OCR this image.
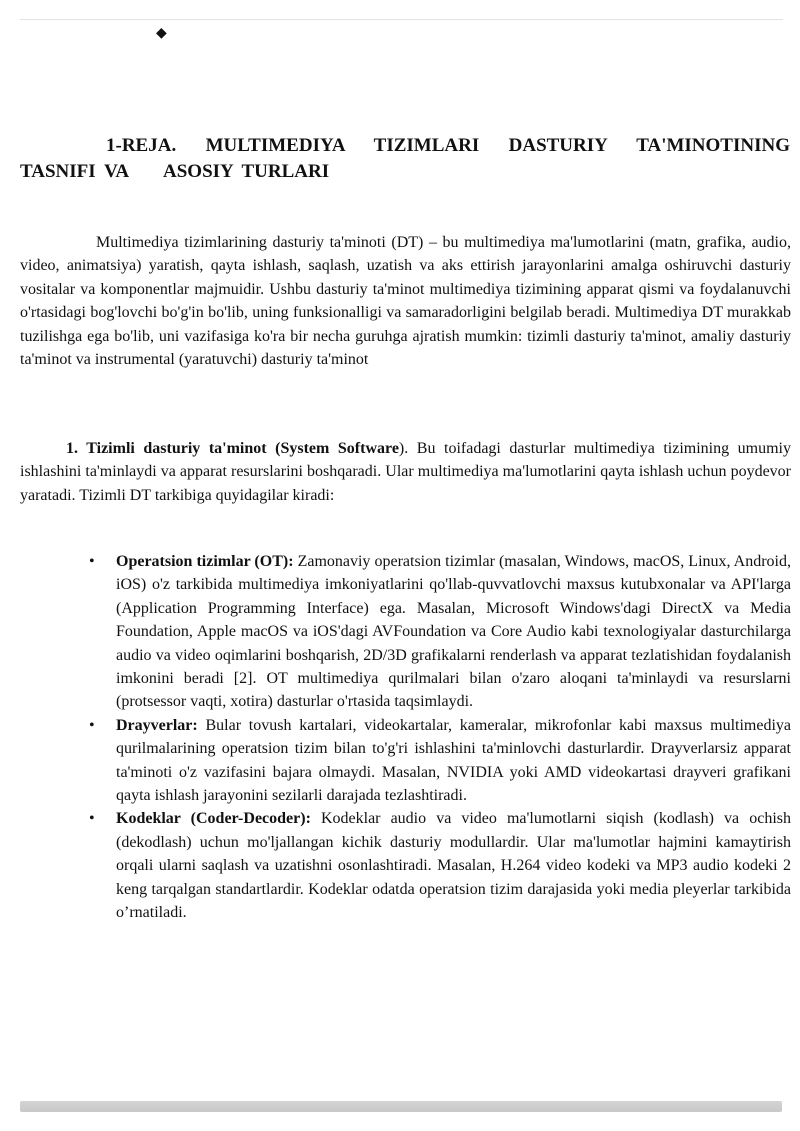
◆
1-REJA. MULTIMEDIYA TIZIMLARI DASTURIY TA'MINOTINING TASNIFI VA    ASOSIY TURLARI

Multimediya tizimlarining dasturiy ta'minoti (DT) – bu multimediya ma'lumotlarini (matn, grafika, audio, video, animatsiya) yaratish, qayta ishlash, saqlash, uzatish va aks ettirish jarayonlarini amalga oshiruvchi dasturiy vositalar va komponentlar majmuidir. Ushbu dasturiy ta'minot multimediya tizimining apparat qismi va foydalanuvchi o'rtasidagi bog'lovchi bo'g'in bo'lib, uning funksionalligi va samaradorligini belgilab beradi. Multimediya DT murakkab tuzilishga ega bo'lib, uni vazifasiga ko'ra bir necha guruhga ajratish mumkin: tizimli dasturiy ta'minot, amaliy dasturiy ta'minot va instrumental (yaratuvchi) dasturiy ta'minot

1. Tizimli dasturiy ta'minot (System Software). Bu toifadagi dasturlar multimediya tizimining umumiy ishlashini ta'minlaydi va apparat resurslarini boshqaradi. Ular multimediya ma'lumotlarini qayta ishlash uchun poydevor yaratadi. Tizimli DT tarkibiga quyidagilar kiradi:

• Operatsion tizimlar (OT): Zamonaviy operatsion tizimlar (masalan, Windows, macOS, Linux, Android, iOS) o'z tarkibida multimediya imkoniyatlarini qo'llab-quvvatlovchi maxsus kutubxonalar va API'larga (Application Programming Interface) ega. Masalan, Microsoft Windows'dagi DirectX va Media Foundation, Apple macOS va iOS'dagi AVFoundation va Core Audio kabi texnologiyalar dasturchilarga audio va video oqimlarini boshqarish, 2D/3D grafikalarni renderlash va apparat tezlatishidan foydalanish imkonini beradi [2]. OT multimediya qurilmalari bilan o'zaro aloqani ta'minlaydi va resurslarni (protsessor vaqti, xotira) dasturlar o'rtasida taqsimlaydi.
• Drayverlar: Bular tovush kartalari, videokartalar, kameralar, mikrofonlar kabi maxsus multimediya qurilmalarining operatsion tizim bilan to'g'ri ishlashini ta'minlovchi dasturlardir. Drayverlarsiz apparat ta'minoti o'z vazifasini bajara olmaydi. Masalan, NVIDIA yoki AMD videokartasi drayveri grafikani qayta ishlash jarayonini sezilarli darajada tezlashtiradi.
• Kodeklar (Coder-Decoder): Kodeklar audio va video ma'lumotlarni siqish (kodlash) va ochish (dekodlash) uchun mo'ljallangan kichik dasturiy modullardir. Ular ma'lumotlar hajmini kamaytirish orqali ularni saqlash va uzatishni osonlashtiradi. Masalan, H.264 video kodeki va MP3 audio kodeki 2 keng tarqalgan standartlardir. Kodeklar odatda operatsion tizim darajasida yoki media pleyerlar tarkibida o’rnatiladi.
